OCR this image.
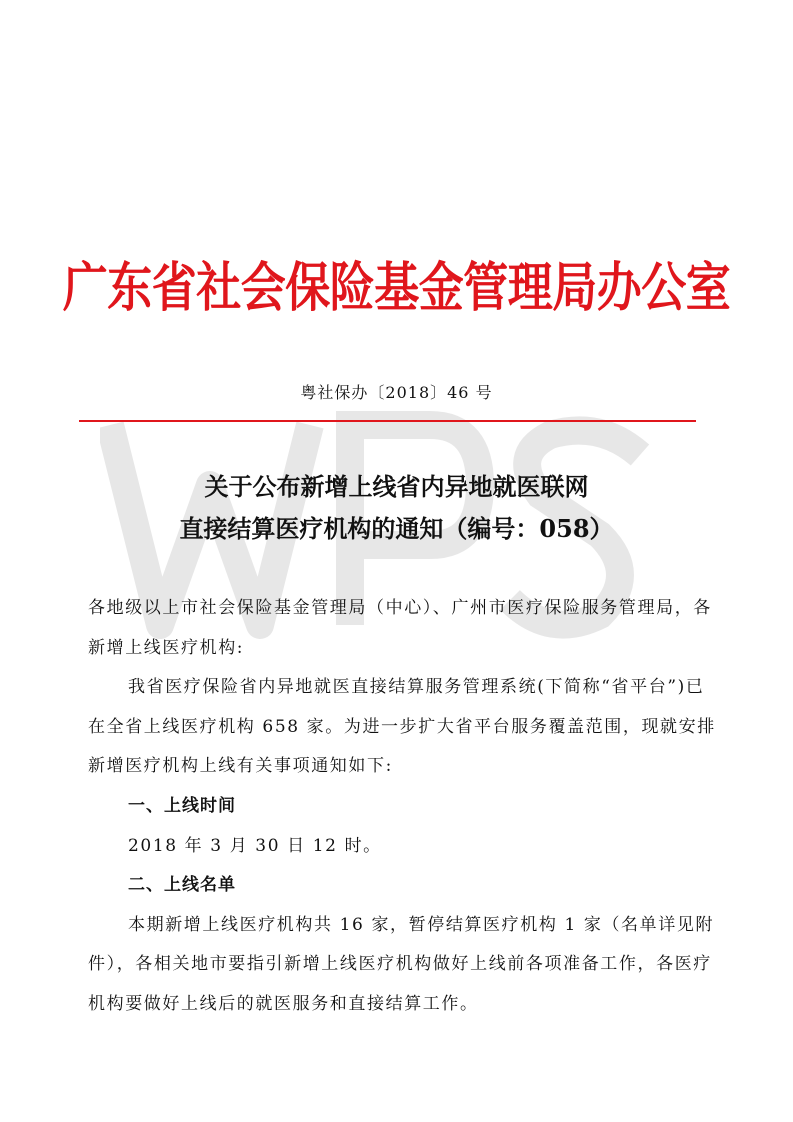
广东省社会保险基金管理局办公室
粤社保办〔2018〕46 号
关于公布新增上线省内异地就医联网
直接结算医疗机构的通知（编号：058）

各地级以上市社会保险基金管理局（中心）、广州市医疗保险服务管理局，各新增上线医疗机构:

我省医疗保险省内异地就医直接结算服务管理系统(下简称“省平台”)已在全省上线医疗机构 658 家。为进一步扩大省平台服务覆盖范围，现就安排新增医疗机构上线有关事项通知如下:

一、上线时间

2018 年 3 月 30 日 12 时。

二、上线名单

本期新增上线医疗机构共 16 家，暂停结算医疗机构 1 家（名单详见附件），各相关地市要指引新增上线医疗机构做好上线前各项准备工作，各医疗机构要做好上线后的就医服务和直接结算工作。
